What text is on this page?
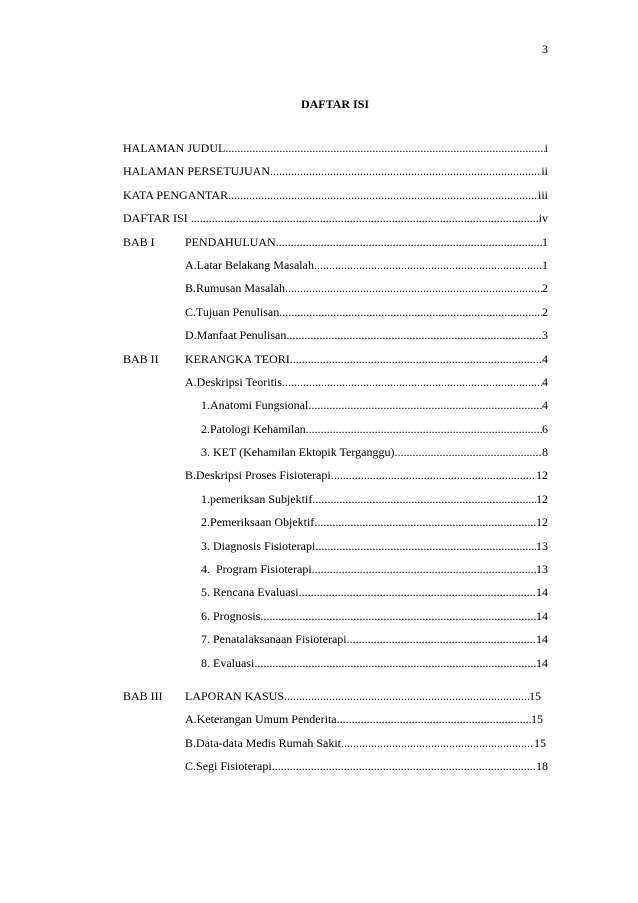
3
DAFTAR ISI
HALAMAN JUDUL .....	i
HALAMAN PERSETUJUAN .....	ii
KATA PENGANTAR .....	iii
DAFTAR ISI .....	iv
BAB I	PENDAHULUAN .....	1
A. Latar Belakang Masalah .....	1
B. Rumusan Masalah .....	2
C. Tujuan Penulisan .....	2
D. Manfaat Penulisan .....	3
BAB II	KERANGKA TEORI .....	4
A. Deskripsi Teoritis .....	4
1.Anatomi Fungsional .....	4
2.Patologi Kehamilan .....	6
3. KET (Kehamilan Ektopik Terganggu) .....	8
B. Deskripsi Proses Fisioterapi .....	12
1.pemeriksan Subjektif .....	12
2.Pemeriksaan Objektif .....	12
3. Diagnosis Fisioterapi .....	13
4.  Program Fisioterapi .....	13
5. Rencana Evaluasi .....	14
6. Prognosis .....	14
7. Penatalaksanaan Fisioterapi .....	14
8. Evaluasi .....	14
BAB III	LAPORAN KASUS .....	15
A. Keterangan Umum Penderita .....	15
B. Data-data Medis Rumah Sakit .....	15
C. Segi Fisioterapi .....	18
